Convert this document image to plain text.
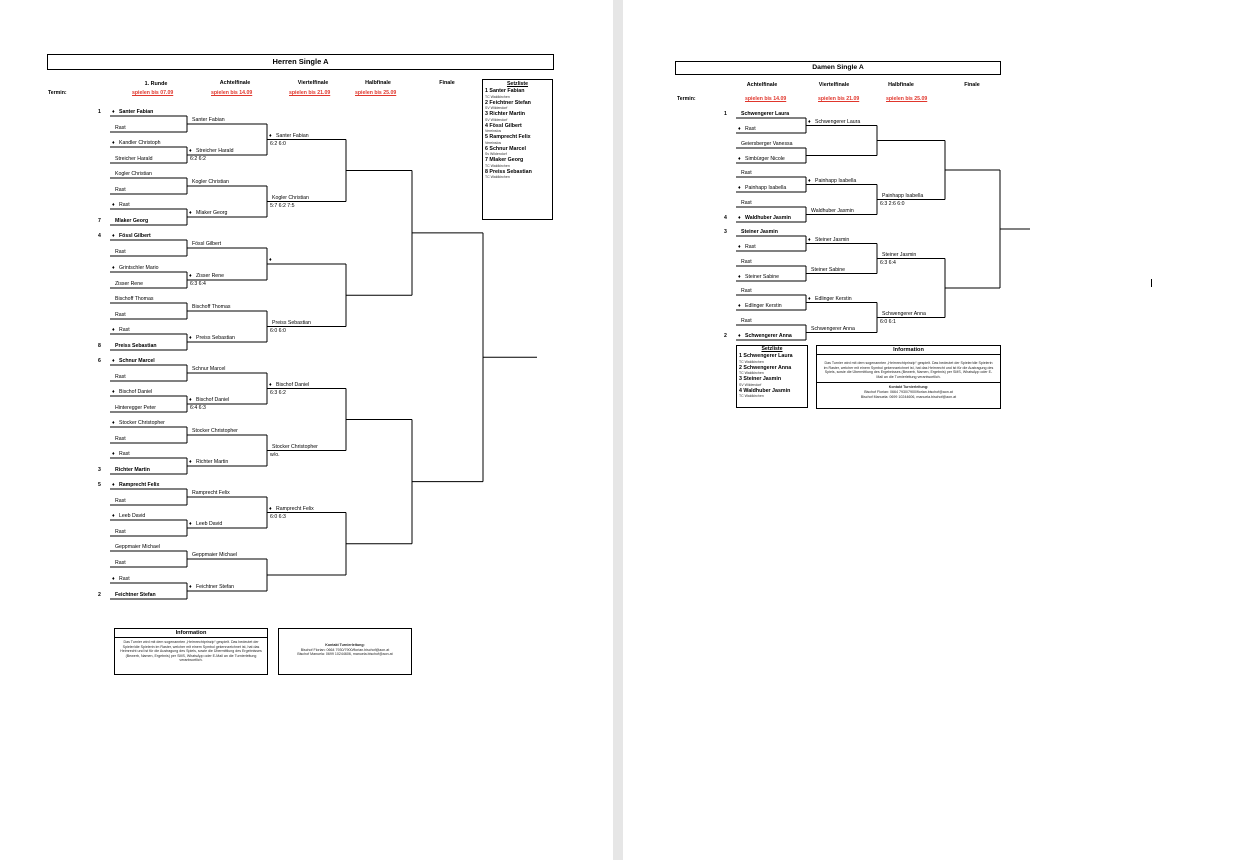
Herren Single A
Termin:
1. Runde
spielen bis 07.09
Achtelfinale
spielen bis 14.09
Viertelfinale
spielen bis 21.09
Halbfinale
spielen bis 25.09
Finale
1 ♦ Santer Fabian
Rast
♦ Kandler Christoph
Streicher Harald
Kogler Christian
Rast
♦ Rast
7	Mlaker Georg
4 ♦ Fössl Gilbert
Rast
♦ Grintschler Mario
Zisser Rene
Bischoff Thomas
Rast
♦ Rast
8	Preiss Sebastian
6 ♦ Schnur Marcel
Rast
♦ Bischof Daniel
Hinteregger Peter
♦ Stocker Christopher
Rast
♦ Rast
3	Richter Martin
5 ♦ Ramprecht Felix
Rast
♦ Leeb David
Rast
Geppmaier Michael
Rast
♦ Rast
2	Feichtner Stefan
Santer Fabian
♦ Streicher Harald
6:2 6:2
Kogler Christian
♦ Mlaker Georg
Fössl Gilbert
♦ Zisser Rene
6:3 6:4
Bischoff Thomas
♦ Preiss Sebastian
Schnur Marcel
♦ Bischof Daniel
6:4 6:3
Stocker Christopher
♦ Richter Martin
Ramprecht Felix
♦ Leeb David
Geppmaier Michael
♦ Feichtner Stefan
♦ Santer Fabian
6:2 6:0
Kogler Christian
5:7 6:2 7:5
♦
Preiss Sebastian
6:0 6:0
♦ Bischof Daniel
6:3 6:2
Stocker Christopher
w/o.
♦ Ramprecht Felix
6:0 6:3
Setzliste
1 Santer Fabian
TC Waldkirchen
2 Feichtner Stefan
SV Wildendorf
3 Richter Martin
SV Wildendorf
4 Fössl Gilbert
Vereinslos
5 Ramprecht Felix
Vereinslos
6 Schnur Marcel
Sv Wildendorf
7 Mlaker Georg
TC Waldkirchen
8 Preiss Sebastian
TC Waldkirchen
Information
Das Turnier wird mit dem sogenannten „Heimrechtprinzip“ gespielt. Das bedeutet der Spieler/die Spielerin im Raster, welcher mit einem Symbol gekennzeichnet ist, hat das Heimrecht und ist für die Austragung des Spiels, sowie die Übermittlung des Ergebnisses (Bewerb, Namen, Ergebnis) per SMS, WhatsApp oder E-Mail an die Turnierleitung verantwortlich.
Kontakt Turnierleitung:
Bischof Florian: 0664 7930/7900/florian.bischof@aon.at
Bischof Manuela: 0699 10244606, manuela.bischof@aon.at
Damen Single A
Termin:
Achtelfinale
spielen bis 14.09
Viertelfinale
spielen bis 21.09
Halbfinale
spielen bis 25.09
Finale
1	Schwengerer Laura
♦ Rast
Geiersberger Vanessa
♦ Simbürger Nicole
Rast
♦ Painhapp Isabella
Rast
4 ♦ Waldhuber Jasmin
3	Steiner Jasmin
♦ Rast
Rast
♦ Steiner Sabine
Rast
♦ Edlinger Kerstin
Rast
2 ♦ Schwengerer Anna
♦ Schwengerer Laura
♦ Painhapp Isabella
Waldhuber Jasmin
♦ Steiner Jasmin
Steiner Sabine
♦ Edlinger Kerstin
Schwengerer Anna
Painhapp Isabella
6:3 2:6 6:0
Steiner Jasmin
6:3 6:4
Schwengerer Anna
6:0 6:1
Setzliste
1 Schwengerer Laura
TC Waldkirchen
2 Schwengerer Anna
TC Waldkirchen
3 Steiner Jasmin
SV Wildendorf
4 Waldhuber Jasmin
TC Waldkirchen
Information
Das Turnier wird mit dem sogenannten „Heimrechtprinzip“ gespielt. Das bedeutet der Spieler/die Spielerin im Raster, welcher mit einem Symbol gekennzeichnet ist, hat das Heimrecht und ist für die Austragung des Spiels, sowie die Übermittlung des Ergebnisses (Bewerb, Namen, Ergebnis) per SMS, WhatsApp oder E-Mail an die Turnierleitung verantwortlich.
Kontakt Turnierleitung:
Bischof Florian: 0664 7930/7900/florian.bischof@aon.at
Bischof Manuela: 0699 10244606, manuela.bischof@aon.at
